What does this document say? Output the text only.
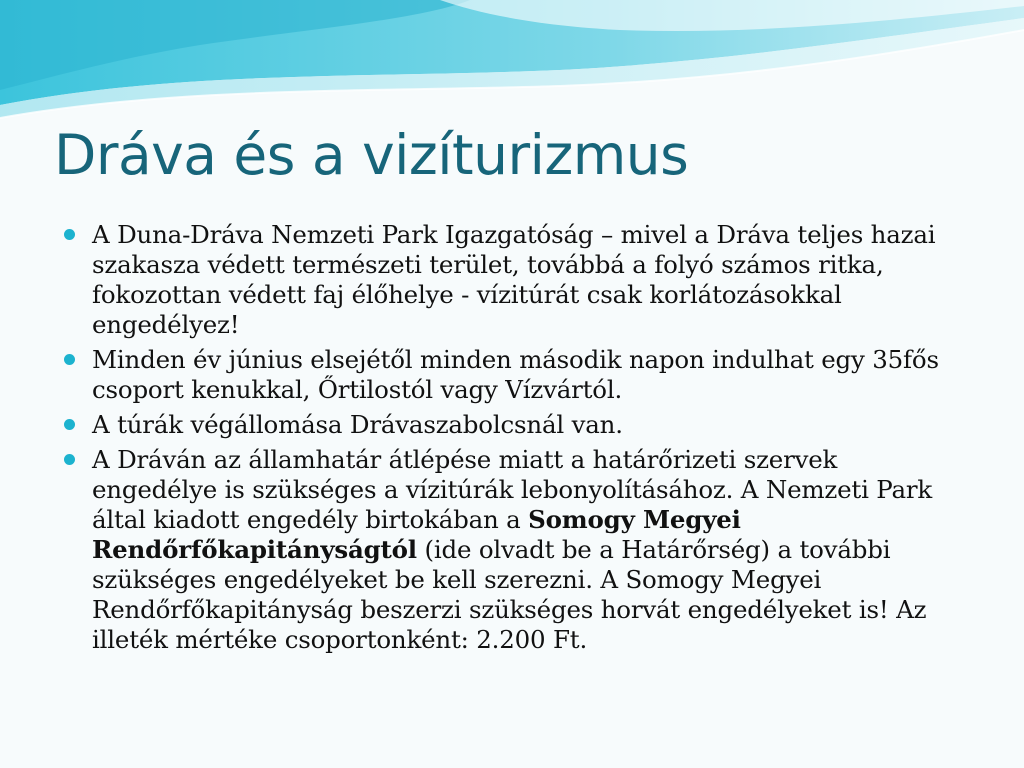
Dráva és a vizíturizmus
A Duna-Dráva Nemzeti Park Igazgatóság – mivel a Dráva teljes hazai szakasza védett természeti terület, továbbá a folyó számos ritka, fokozottan védett faj élőhelye - vízitúrát csak korlátozásokkal engedélyez!
Minden év június elsejétől minden második napon indulhat egy 35fős csoport kenukkal, Őrtilostól vagy Vízvártól.
A túrák végállomása Drávaszabolcsnál van.
A Dráván az államhatár átlépése miatt a határőrizeti szervek engedélye is szükséges a vízitúrák lebonyolításához. A Nemzeti Park által kiadott engedély birtokában a Somogy Megyei Rendőrfőkapitányságtól (ide olvadt be a Határőrség) a további szükséges engedélyeket be kell szerezni. A Somogy Megyei Rendőrfőkapitányság beszerzi szükséges horvát engedélyeket is! Az illeték mértéke csoportonként: 2.200 Ft.
